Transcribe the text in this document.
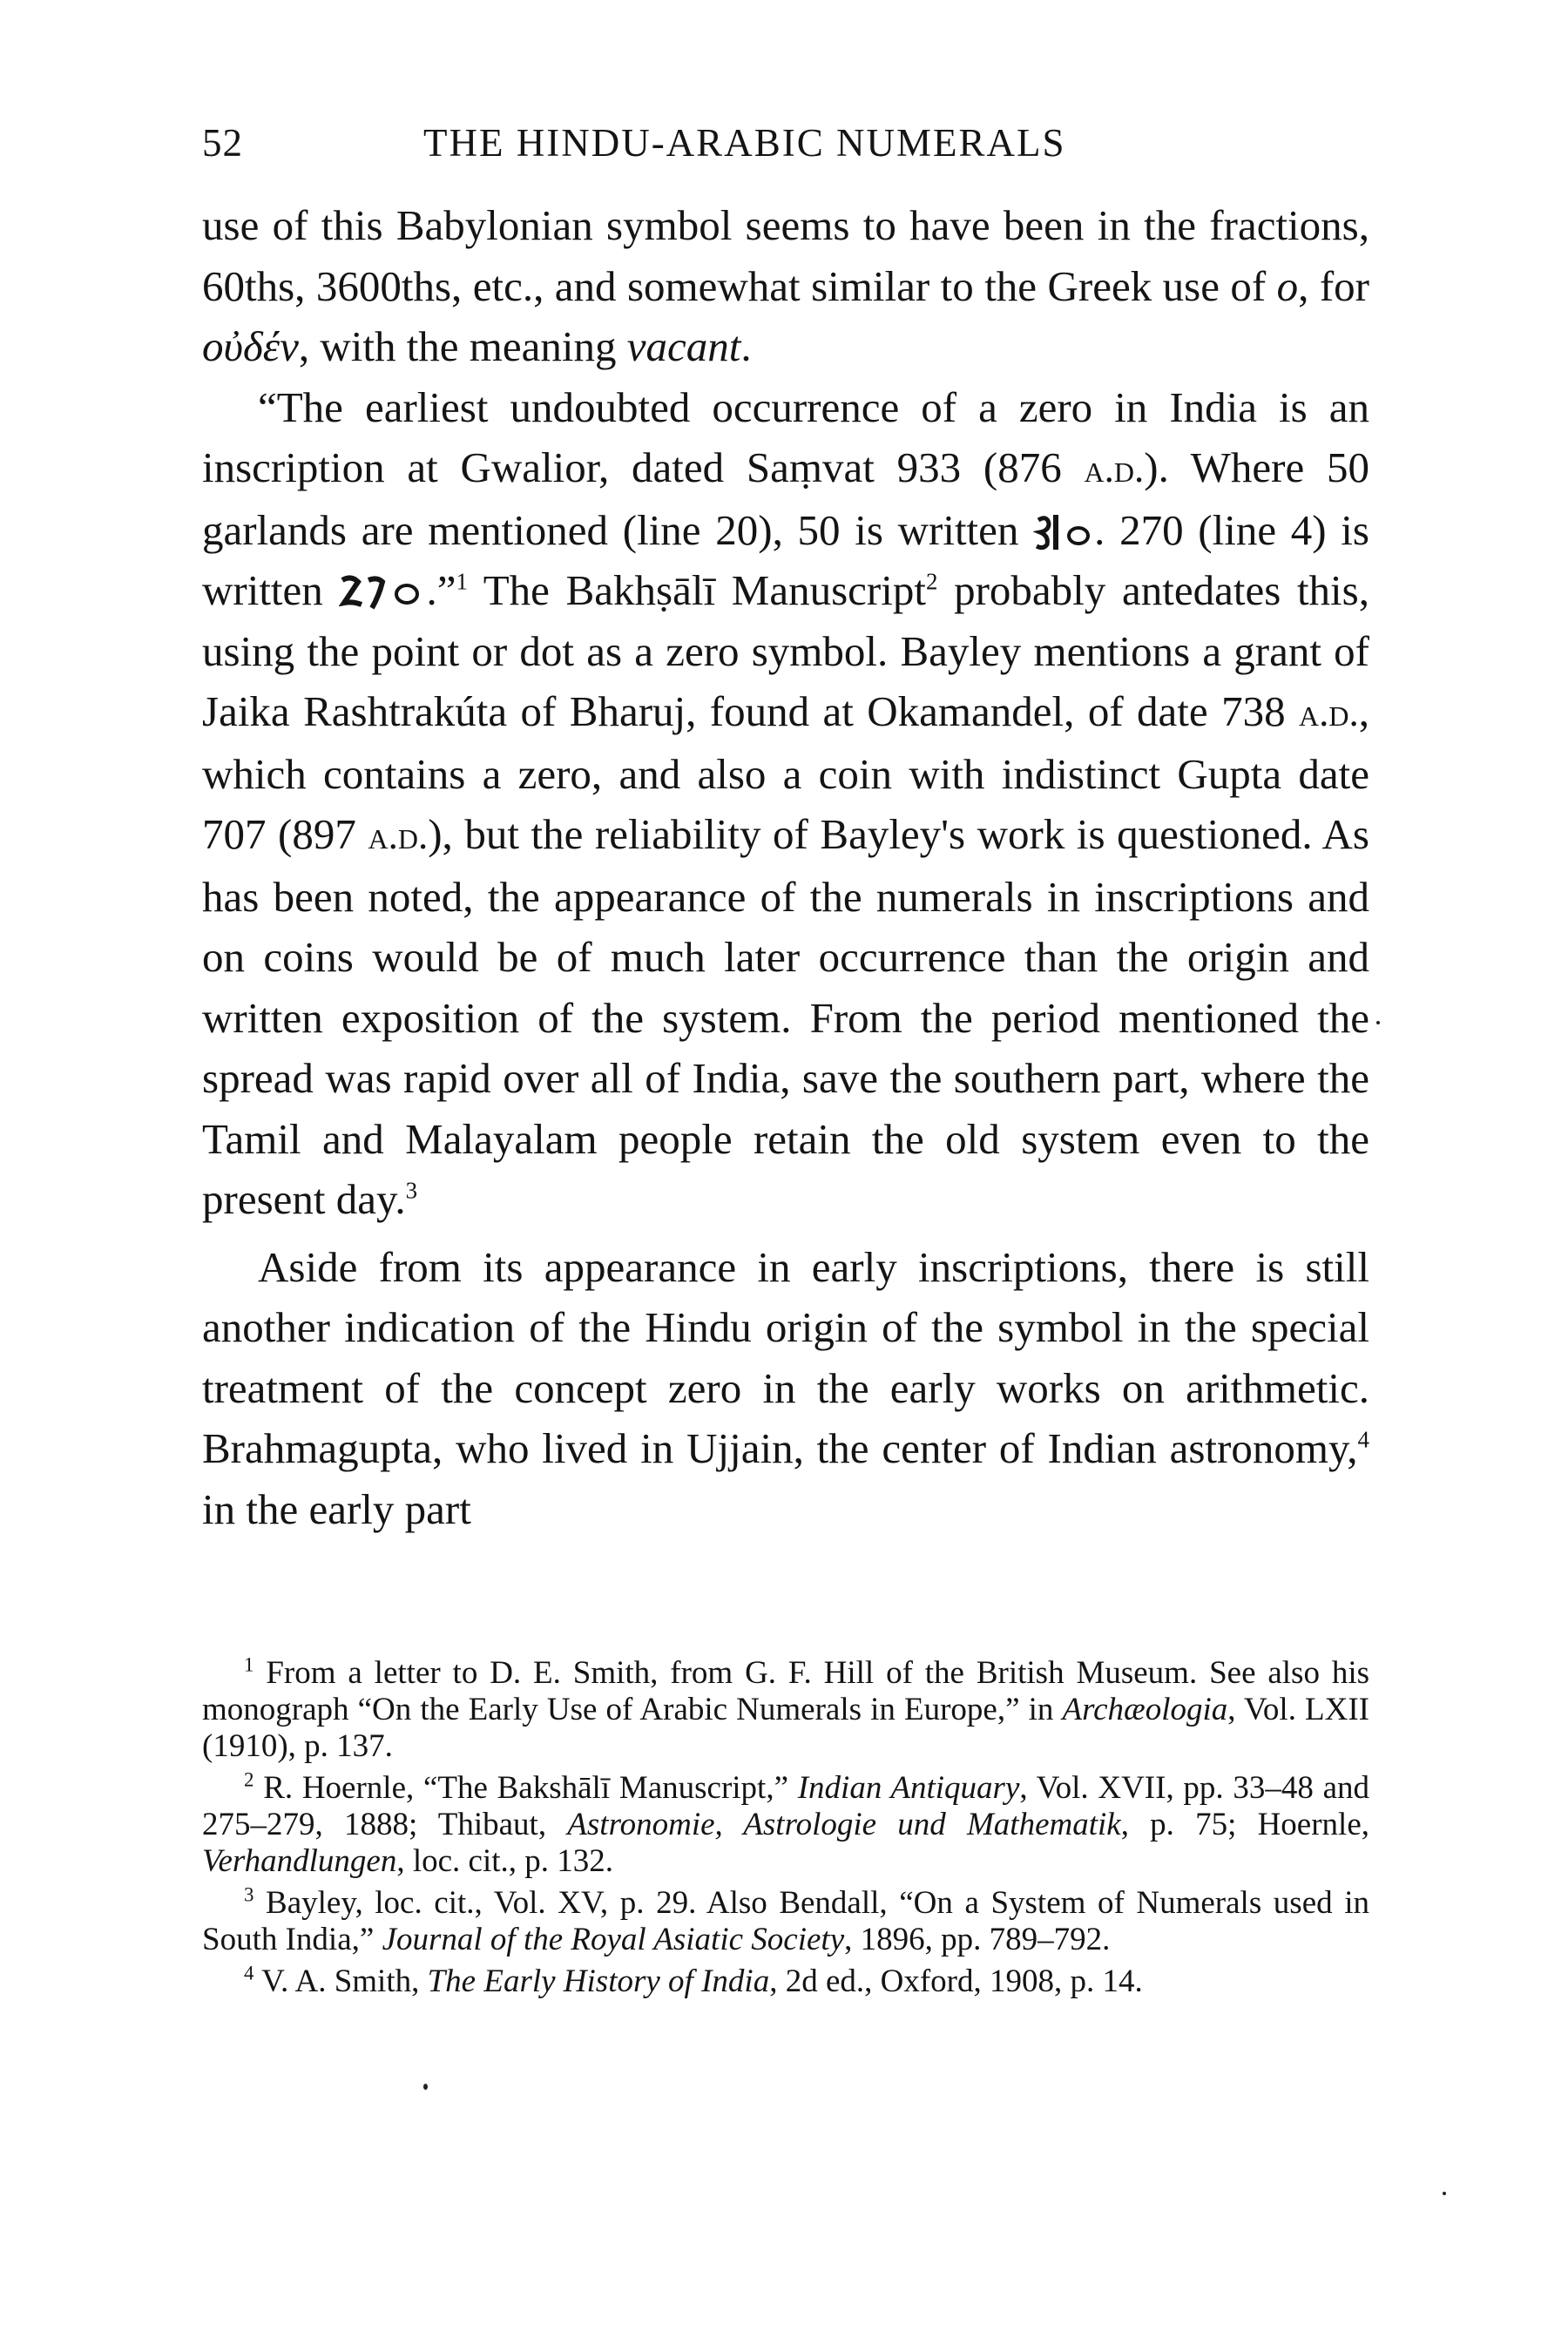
52	THE HINDU-ARABIC NUMERALS

use of this Babylonian symbol seems to have been in the fractions, 60ths, 3600ths, etc., and somewhat similar to the Greek use of o, for οὐδέν, with the meaning vacant.

“The earliest undoubted occurrence of a zero in India is an inscription at Gwalior, dated Saṃvat 933 (876 a.d.). Where 50 garlands are mentioned (line 20), 50 is written . 270 (line 4) is written .”$^1$ The Bakhṣālī Manuscript$^2$ probably antedates this, using the point or dot as a zero symbol. Bayley mentions a grant of Jaika Rashtrakúta of Bharuj, found at Okamandel, of date 738 a.d., which contains a zero, and also a coin with indistinct Gupta date 707 (897 a.d.), but the reliability of Bayley's work is questioned. As has been noted, the appearance of the numerals in inscriptions and on coins would be of much later occurrence than the origin and written exposition of the system. From the period mentioned the spread was rapid over all of India, save the southern part, where the Tamil and Malayalam people retain the old system even to the present day.$^3$

Aside from its appearance in early inscriptions, there is still another indication of the Hindu origin of the symbol in the special treatment of the concept zero in the early works on arithmetic. Brahmagupta, who lived in Ujjain, the center of Indian astronomy,$^4$ in the early part

$^1$ From a letter to D. E. Smith, from G. F. Hill of the British Museum. See also his monograph “On the Early Use of Arabic Numerals in Europe,” in Archæologia, Vol. LXII (1910), p. 137.

$^2$ R. Hoernle, “The Bakshālī Manuscript,” Indian Antiquary, Vol. XVII, pp. 33–48 and 275–279, 1888; Thibaut, Astronomie, Astrologie und Mathematik, p. 75; Hoernle, Verhandlungen, loc. cit., p. 132.

$^3$ Bayley, loc. cit., Vol. XV, p. 29. Also Bendall, “On a System of Numerals used in South India,” Journal of the Royal Asiatic Society, 1896, pp. 789–792.

$^4$ V. A. Smith, The Early History of India, 2d ed., Oxford, 1908, p. 14.
